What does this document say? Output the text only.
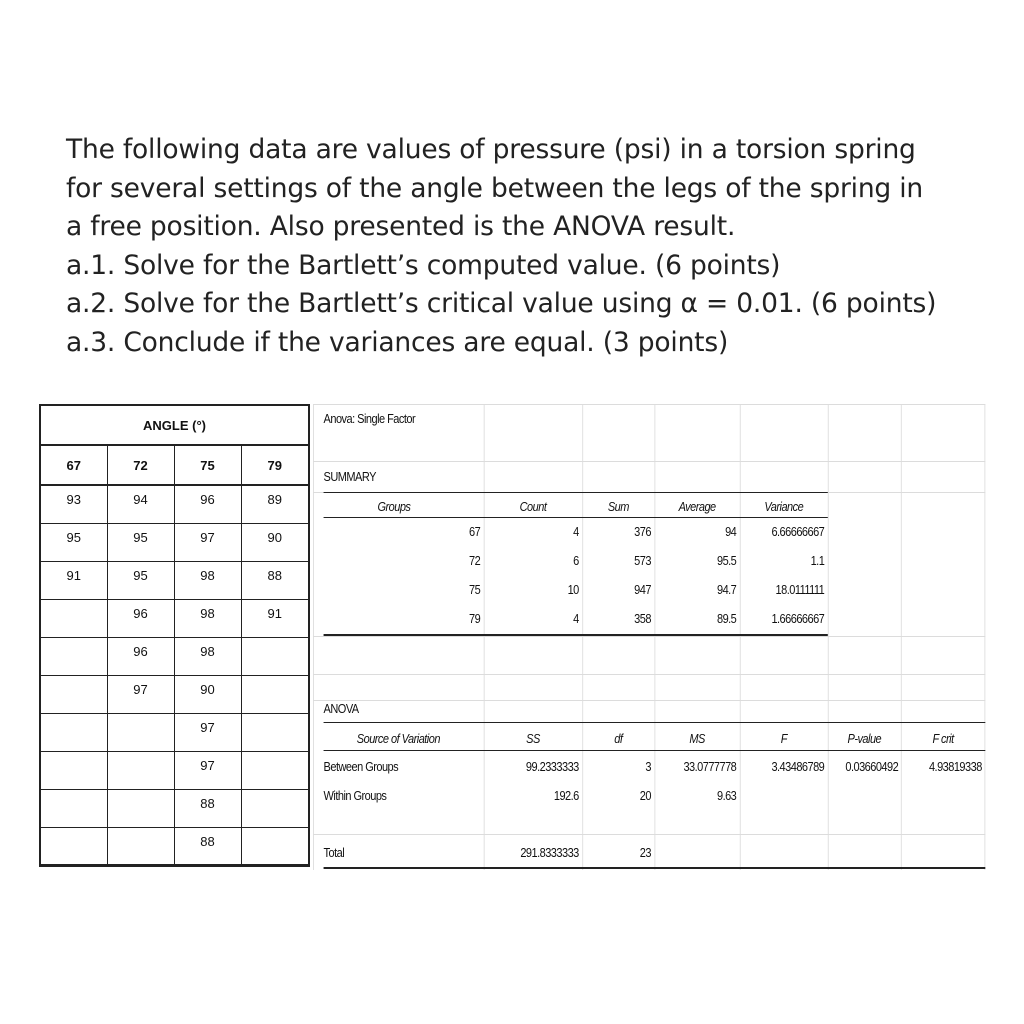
The following data are values of pressure (psi) in a torsion spring

for several settings of the angle between the legs of the spring in

a free position. Also presented is the ANOVA result.

a.1. Solve for the Bartlett’s computed value. (6 points)

a.2. Solve for the Bartlett’s critical value using α = 0.01. (6 points)

a.3. Conclude if the variances are equal. (3 points)

ANGLE (°)			
67	72	75	79
93	94	96	89
95	95	97	90
91	95	98	88
	96	98	91
	96	98	
	97	90	
		97	
		97	
		88	
		88	
Anova: Single Factor
SUMMARY
Groups	Count	Sum	Average	Variance
67	4	376	94	6.66666667
72	6	573	95.5	1.1
75	10	947	94.7	18.0111111
79	4	358	89.5	1.66666667
ANOVA
Source of Variation	SS	df	MS	F	P-value	F crit
Between Groups	99.2333333	3	33.0777778	3.43486789	0.03660492	4.93819338
Within Groups	192.6	20	9.63
Total	291.8333333	23
